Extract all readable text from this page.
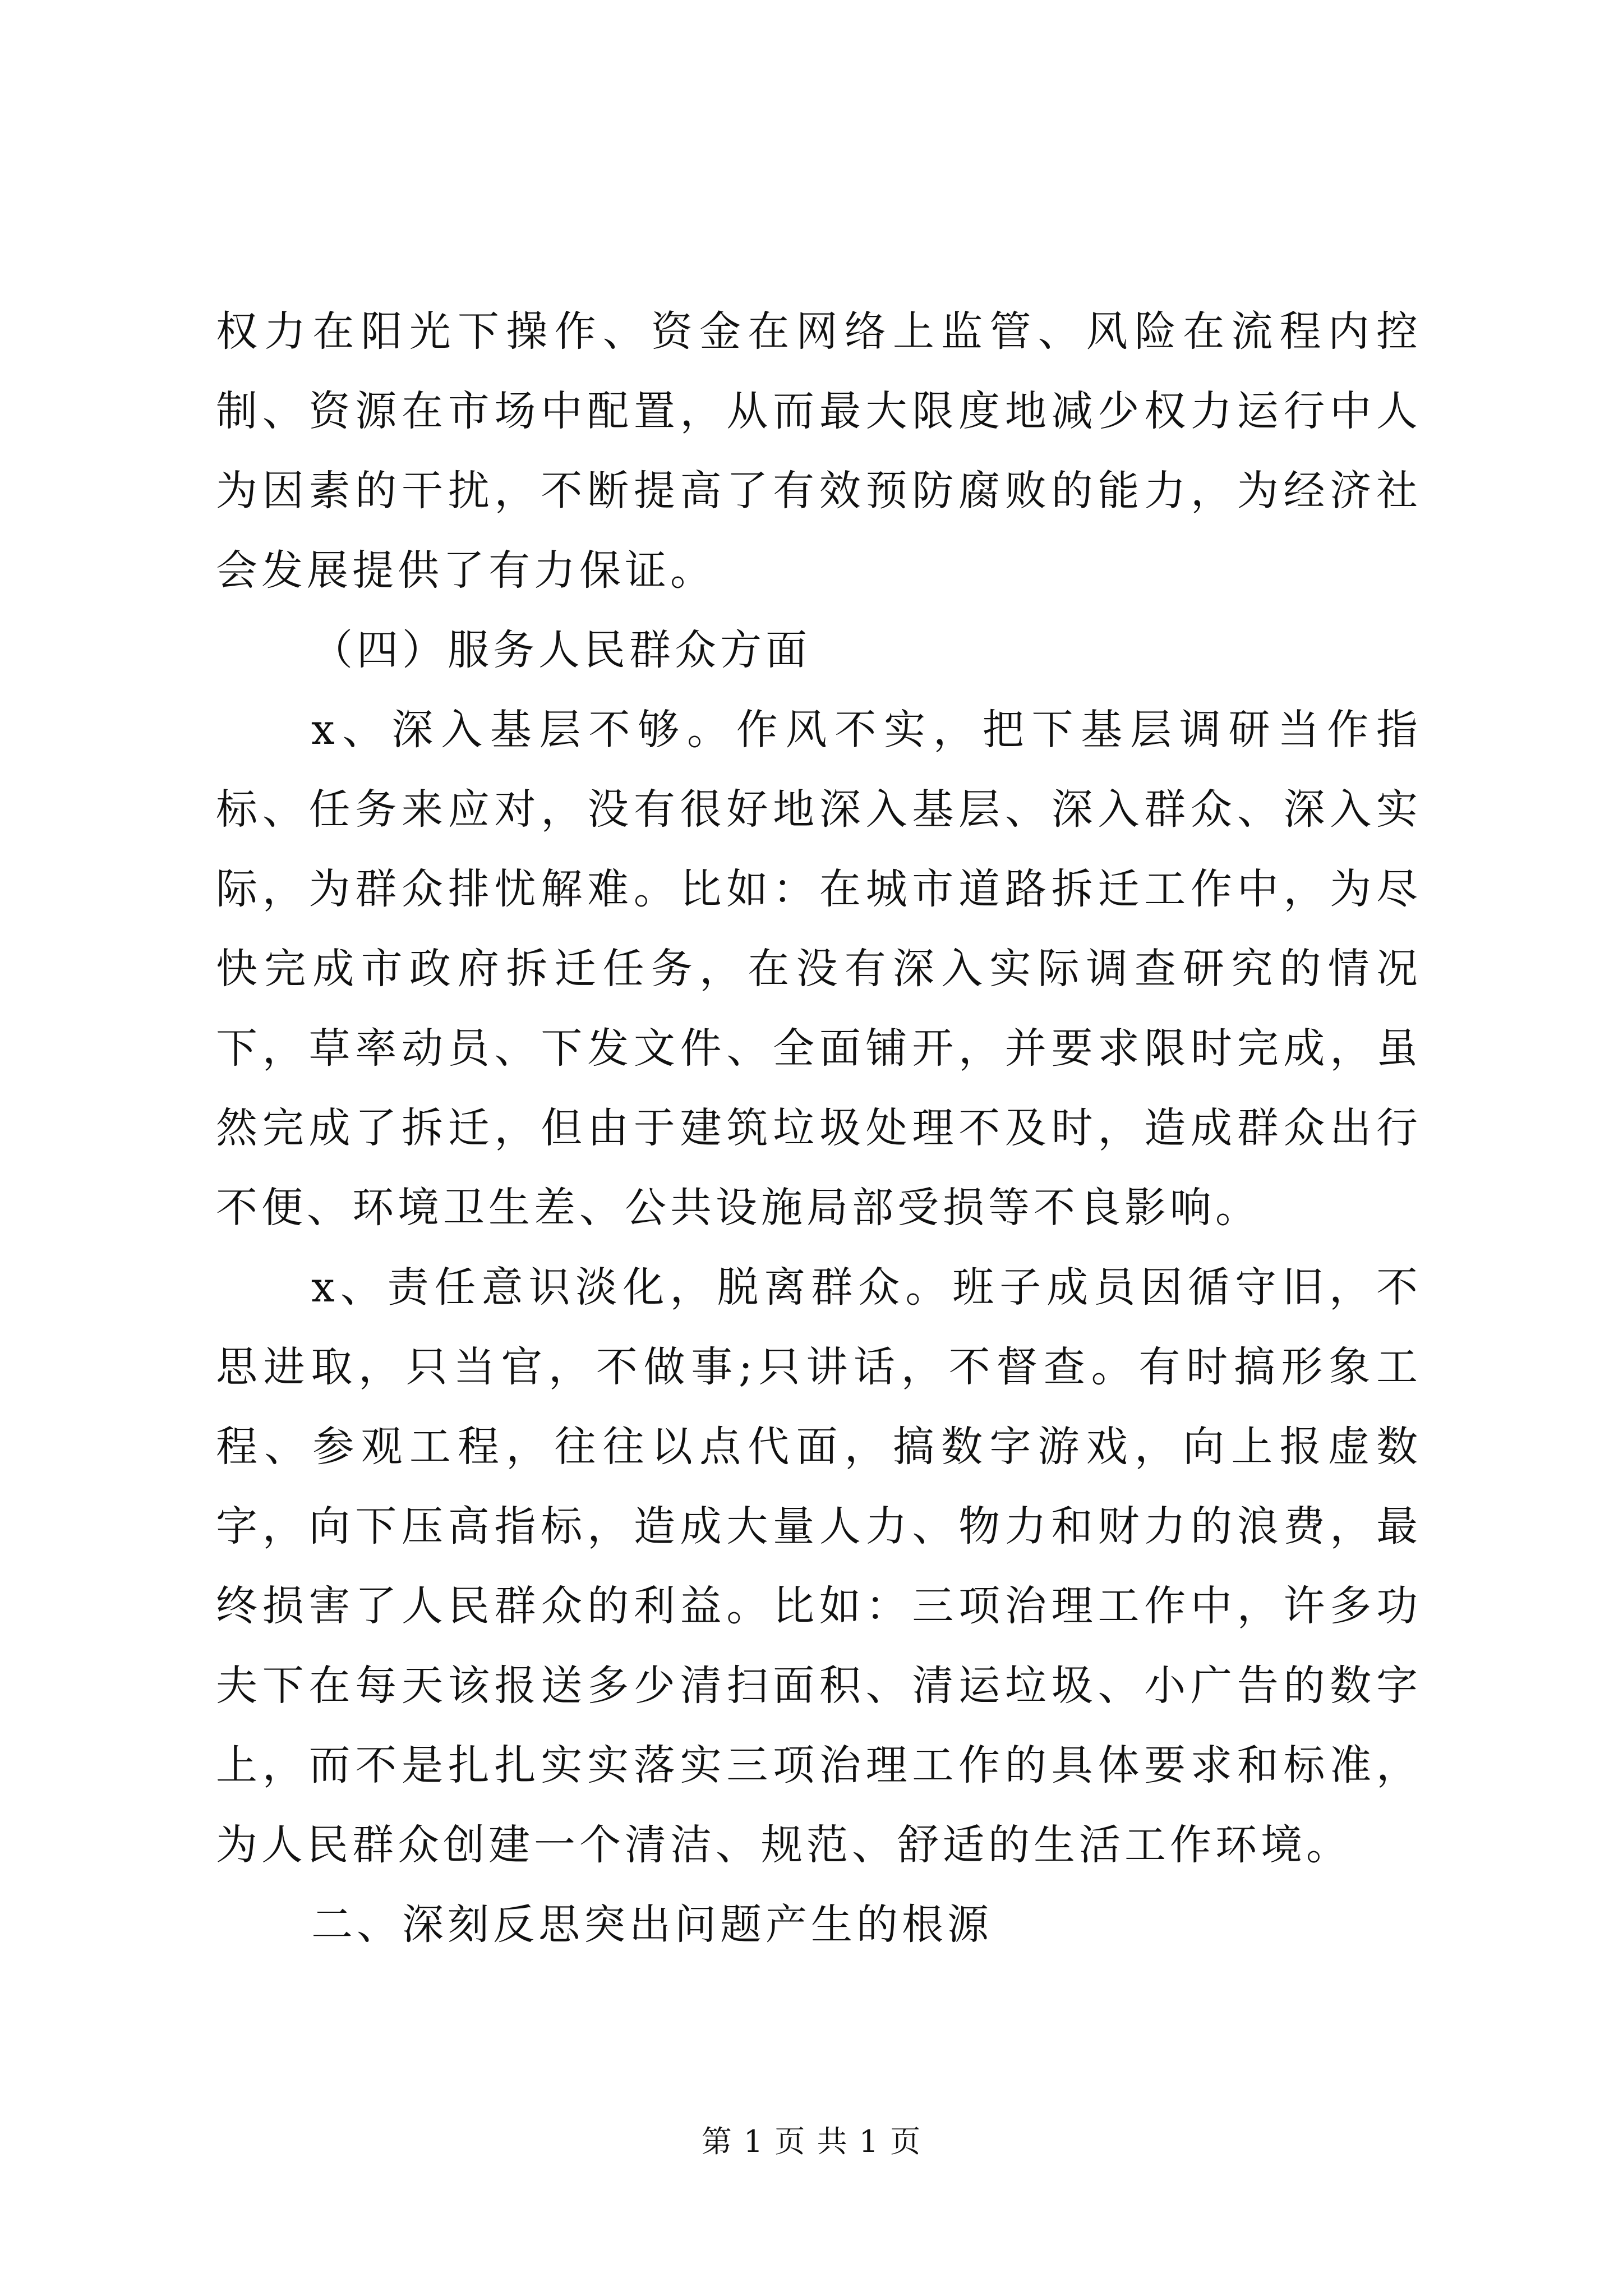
权力在阳光下操作、资金在网络上监管、风险在流程内控制、资源在市场中配置，从而最大限度地减少权力运行中人为因素的干扰，不断提高了有效预防腐败的能力，为经济社会发展提供了有力保证。

（四）服务人民群众方面

x、深入基层不够。作风不实，把下基层调研当作指标、任务来应对，没有很好地深入基层、深入群众、深入实际，为群众排忧解难。比如：在城市道路拆迁工作中，为尽快完成市政府拆迁任务，在没有深入实际调查研究的情况下，草率动员、下发文件、全面铺开，并要求限时完成，虽然完成了拆迁，但由于建筑垃圾处理不及时，造成群众出行不便、环境卫生差、公共设施局部受损等不良影响。

x、责任意识淡化，脱离群众。班子成员因循守旧，不思进取，只当官，不做事;只讲话，不督查。有时搞形象工程、参观工程，往往以点代面，搞数字游戏，向上报虚数字，向下压高指标，造成大量人力、物力和财力的浪费，最终损害了人民群众的利益。比如：三项治理工作中，许多功夫下在每天该报送多少清扫面积、清运垃圾、小广告的数字上，而不是扎扎实实落实三项治理工作的具体要求和标准，为人民群众创建一个清洁、规范、舒适的生活工作环境。

二、深刻反思突出问题产生的根源

第 1 页 共 1 页
